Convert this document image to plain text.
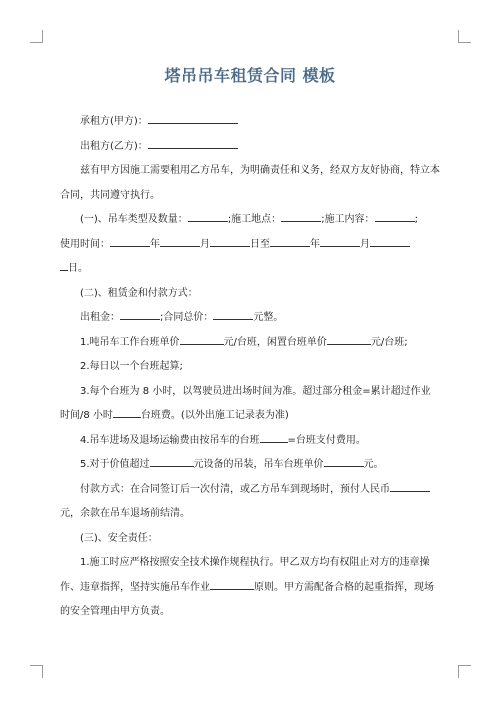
塔吊吊车租赁合同 模板

承租方(甲方)：

出租方(乙方)：

兹有甲方因施工需要租用乙方吊车，为明确责任和义务，经双方友好协商，特立本合同，共同遵守执行。

(一)、吊车类型及数量：	;施工地点：	;施工内容：	;

使用时间：	年	月	日至	年	月

日。

(二)、租赁金和付款方式：

出租金：	;合同总价：	元整。

1.吨吊车工作台班单价	元/台班，闲置台班单价	元/台班;

2.每日以一个台班起算;

3.每个台班为 8 小时，以驾驶员进出场时间为准。超过部分租金=累计超过作业时间/8 小时	台班费。(以外出施工记录表为准)

4.吊车进场及退场运输费由按吊车的台班	=台班支付费用。

5.对于价值超过	元设备的吊装，吊车台班单价	元。

付款方式：在合同签订后一次付清，或乙方吊车到现场时，预付人民币元，余款在吊车退场前结清。

(三)、安全责任：

1.施工时应严格按照安全技术操作规程执行。甲乙双方均有权阻止对方的违章操作、违章指挥，坚持实施吊车作业	原则。甲方需配备合格的起重指挥，现场的安全管理由甲方负责。
